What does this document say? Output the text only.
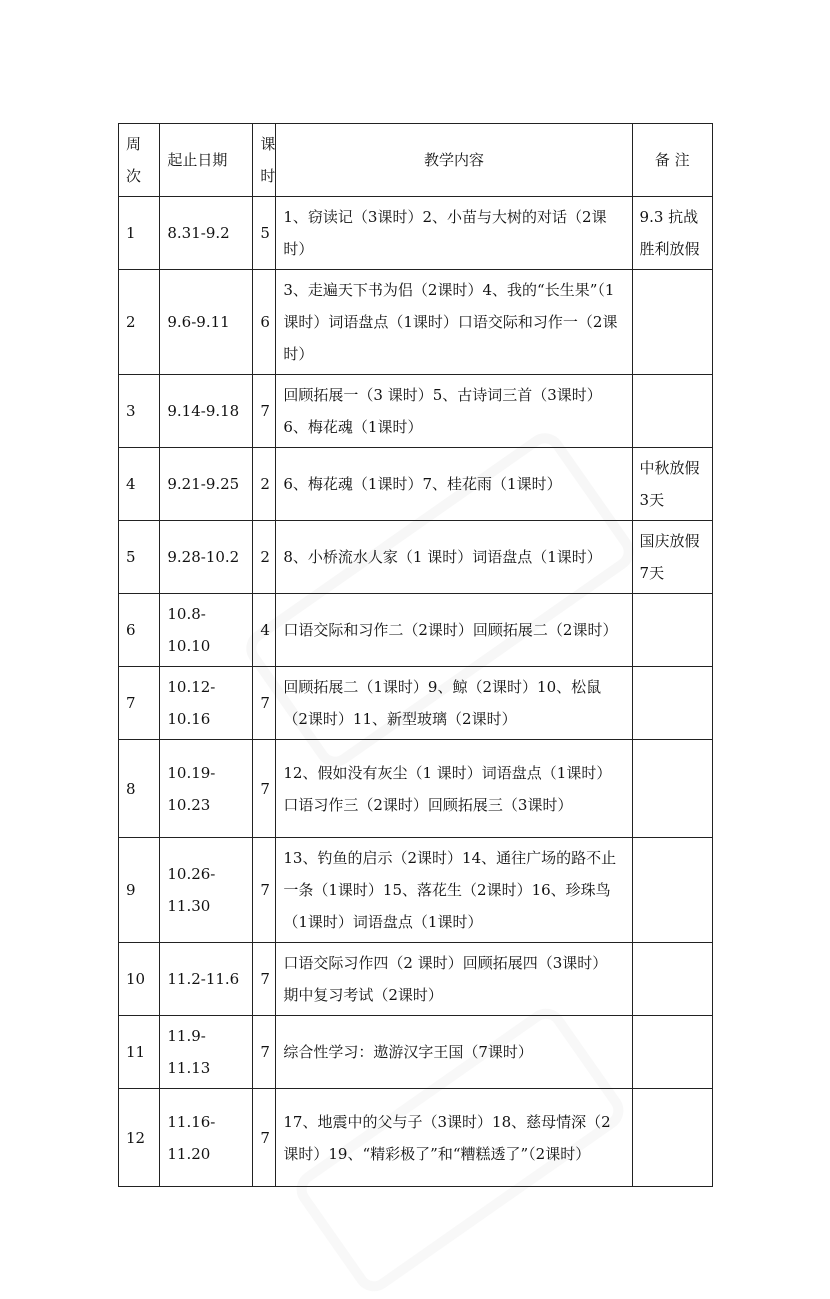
周次	起止日期	课时	教学内容	备 注
1	8.31-9.2	5	1、窃读记（3课时）2、小苗与大树的对话（2课时）	9.3 抗战胜利放假
2	9.6-9.11	6	3、走遍天下书为侣（2课时）4、我的“长生果”（1课时）词语盘点（1课时）口语交际和习作一（2课时）	
3	9.14-9.18	7	回顾拓展一（3 课时）5、古诗词三首（3课时）6、梅花魂（1课时）	
4	9.21-9.25	2	6、梅花魂（1课时）7、桂花雨（1课时）	中秋放假3天
5	9.28-10.2	2	8、小桥流水人家（1 课时）词语盘点（1课时）	国庆放假7天
6	10.8-10.10	4	口语交际和习作二（2课时）回顾拓展二（2课时）	
7	10.12-10.16	7	回顾拓展二（1课时）9、鲸（2课时）10、松鼠（2课时）11、新型玻璃（2课时）	
8	10.19-10.23	7	12、假如没有灰尘（1 课时）词语盘点（1课时）口语习作三（2课时）回顾拓展三（3课时）	
9	10.26-11.30	7	13、钓鱼的启示（2课时）14、通往广场的路不止一条（1课时）15、落花生（2课时）16、珍珠鸟（1课时）词语盘点（1课时）	
10	11.2-11.6	7	口语交际习作四（2 课时）回顾拓展四（3课时）      期中复习考试（2课时）	
11	11.9-11.13	7	综合性学习：遨游汉字王国（7课时）	
12	11.16-11.20	7	17、地震中的父与子（3课时）18、慈母情深（2 课时）19、“精彩极了”和“糟糕透了”（2课时）	
